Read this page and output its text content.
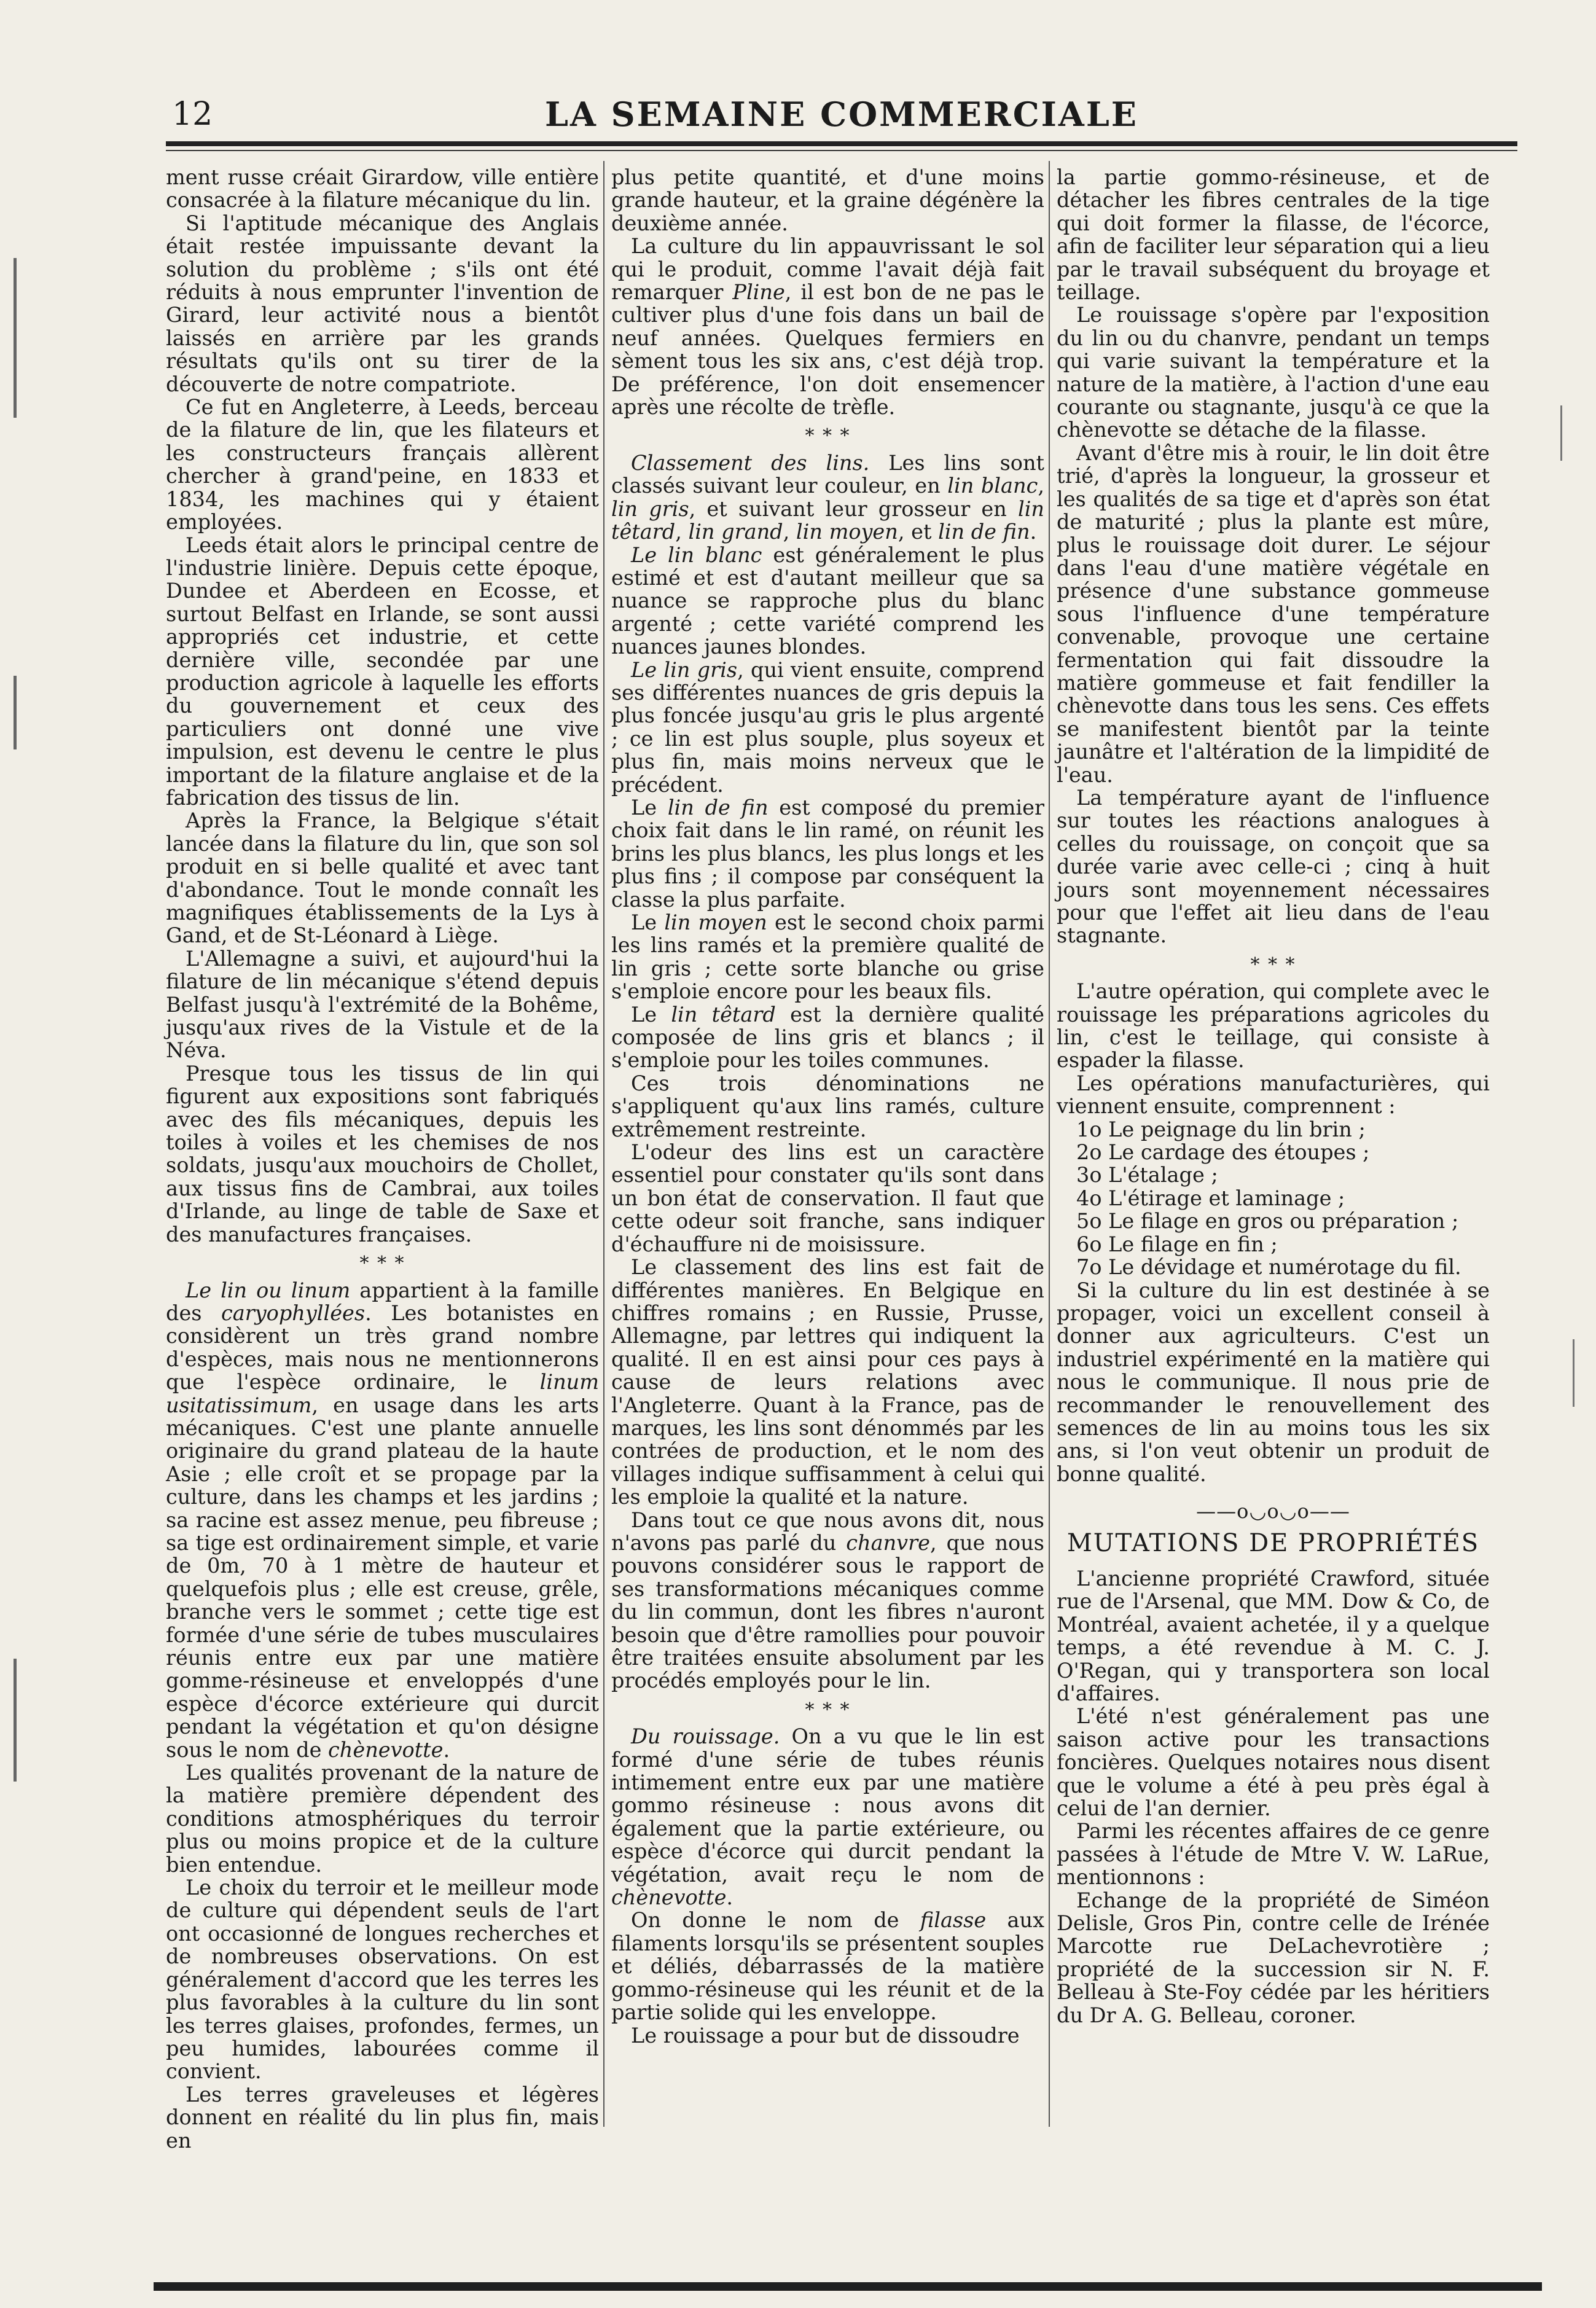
12	LA SEMAINE COMMERCIALE

ment russe créait Girardow, ville entière consacrée à la filature mécanique du lin.

Si l'aptitude mécanique des Anglais était restée impuissante devant la solution du problème ; s'ils ont été réduits à nous emprunter l'invention de Girard, leur activité nous a bientôt laissés en arrière par les grands résultats qu'ils ont su tirer de la découverte de notre compatriote.

Ce fut en Angleterre, à Leeds, berceau de la filature de lin, que les filateurs et les constructeurs français allèrent chercher à grand'peine, en 1833 et 1834, les machines qui y étaient employées.

Leeds était alors le principal centre de l'industrie linière. Depuis cette époque, Dundee et Aberdeen en Ecosse, et surtout Belfast en Irlande, se sont aussi appropriés cet industrie, et cette dernière ville, secondée par une production agricole à laquelle les efforts du gouvernement et ceux des particuliers ont donné une vive impulsion, est devenu le centre le plus important de la filature anglaise et de la fabrication des tissus de lin.

Après la France, la Belgique s'était lancée dans la filature du lin, que son sol produit en si belle qualité et avec tant d'abondance. Tout le monde connaît les magnifiques établissements de la Lys à Gand, et de St-Léonard à Liège.

L'Allemagne a suivi, et aujourd'hui la filature de lin mécanique s'étend depuis Belfast jusqu'à l'extrémité de la Bohême, jusqu'aux rives de la Vistule et de la Néva.

Presque tous les tissus de lin qui figurent aux expositions sont fabriqués avec des fils mécaniques, depuis les toiles à voiles et les chemises de nos soldats, jusqu'aux mouchoirs de Chollet, aux tissus fins de Cambrai, aux toiles d'Irlande, au linge de table de Saxe et des manufactures françaises.

* * *

Le lin ou linum appartient à la famille des caryophyllées. Les botanistes en considèrent un très grand nombre d'espèces, mais nous ne mentionnerons que l'espèce ordinaire, le linum usitatissimum, en usage dans les arts mécaniques. C'est une plante annuelle originaire du grand plateau de la haute Asie ; elle croît et se propage par la culture, dans les champs et les jardins ; sa racine est assez menue, peu fibreuse ; sa tige est ordinairement simple, et varie de 0m, 70 à 1 mètre de hauteur et quelquefois plus ; elle est creuse, grêle, branche vers le sommet ; cette tige est formée d'une série de tubes musculaires réunis entre eux par une matière gomme-résineuse et enveloppés d'une espèce d'écorce extérieure qui durcit pendant la végétation et qu'on désigne sous le nom de chènevotte.

Les qualités provenant de la nature de la matière première dépendent des conditions atmosphériques du terroir plus ou moins propice et de la culture bien entendue.

Le choix du terroir et le meilleur mode de culture qui dépendent seuls de l'art ont occasionné de longues recherches et de nombreuses observations. On est généralement d'accord que les terres les plus favorables à la culture du lin sont les terres glaises, profondes, fermes, un peu humides, labourées comme il convient.

Les terres graveleuses et légères donnent en réalité du lin plus fin, mais en

plus petite quantité, et d'une moins grande hauteur, et la graine dégénère la deuxième année.

La culture du lin appauvrissant le sol qui le produit, comme l'avait déjà fait remarquer Pline, il est bon de ne pas le cultiver plus d'une fois dans un bail de neuf années. Quelques fermiers en sèment tous les six ans, c'est déjà trop. De préférence, l'on doit ensemencer après une récolte de trèfle.

* * *

Classement des lins. Les lins sont classés suivant leur couleur, en lin blanc, lin gris, et suivant leur grosseur en lin têtard, lin grand, lin moyen, et lin de fin.

Le lin blanc est généralement le plus estimé et est d'autant meilleur que sa nuance se rapproche plus du blanc argenté ; cette variété comprend les nuances jaunes blondes.

Le lin gris, qui vient ensuite, comprend ses différentes nuances de gris depuis la plus foncée jusqu'au gris le plus argenté ; ce lin est plus souple, plus soyeux et plus fin, mais moins nerveux que le précédent.

Le lin de fin est composé du premier choix fait dans le lin ramé, on réunit les brins les plus blancs, les plus longs et les plus fins ; il compose par conséquent la classe la plus parfaite.

Le lin moyen est le second choix parmi les lins ramés et la première qualité de lin gris ; cette sorte blanche ou grise s'emploie encore pour les beaux fils.

Le lin têtard est la dernière qualité composée de lins gris et blancs ; il s'emploie pour les toiles communes.

Ces trois dénominations ne s'appliquent qu'aux lins ramés, culture extrêmement restreinte.

L'odeur des lins est un caractère essentiel pour constater qu'ils sont dans un bon état de conservation. Il faut que cette odeur soit franche, sans indiquer d'échauffure ni de moisissure.

Le classement des lins est fait de différentes manières. En Belgique en chiffres romains ; en Russie, Prusse, Allemagne, par lettres qui indiquent la qualité. Il en est ainsi pour ces pays à cause de leurs relations avec l'Angleterre. Quant à la France, pas de marques, les lins sont dénommés par les contrées de production, et le nom des villages indique suffisamment à celui qui les emploie la qualité et la nature.

Dans tout ce que nous avons dit, nous n'avons pas parlé du chanvre, que nous pouvons considérer sous le rapport de ses transformations mécaniques comme du lin commun, dont les fibres n'auront besoin que d'être ramollies pour pouvoir être traitées ensuite absolument par les procédés employés pour le lin.

* * *

Du rouissage. On a vu que le lin est formé d'une série de tubes réunis intimement entre eux par une matière gommo résineuse : nous avons dit également que la partie extérieure, ou espèce d'écorce qui durcit pendant la végétation, avait reçu le nom de chènevotte.

On donne le nom de filasse aux filaments lorsqu'ils se présentent souples et déliés, débarrassés de la matière gommo-résineuse qui les réunit et de la partie solide qui les enveloppe.

Le rouissage a pour but de dissoudre

la partie gommo-résineuse, et de détacher les fibres centrales de la tige qui doit former la filasse, de l'écorce, afin de faciliter leur séparation qui a lieu par le travail subséquent du broyage et teillage.

Le rouissage s'opère par l'exposition du lin ou du chanvre, pendant un temps qui varie suivant la température et la nature de la matière, à l'action d'une eau courante ou stagnante, jusqu'à ce que la chènevotte se détache de la filasse.

Avant d'être mis à rouir, le lin doit être trié, d'après la longueur, la grosseur et les qualités de sa tige et d'après son état de maturité ; plus la plante est mûre, plus le rouissage doit durer. Le séjour dans l'eau d'une matière végétale en présence d'une substance gommeuse sous l'influence d'une température convenable, provoque une certaine fermentation qui fait dissoudre la matière gommeuse et fait fendiller la chènevotte dans tous les sens. Ces effets se manifestent bientôt par la teinte jaunâtre et l'altération de la limpidité de l'eau.

La température ayant de l'influence sur toutes les réactions analogues à celles du rouissage, on conçoit que sa durée varie avec celle-ci ; cinq à huit jours sont moyennement nécessaires pour que l'effet ait lieu dans de l'eau stagnante.

* * *

L'autre opération, qui complete avec le rouissage les préparations agricoles du lin, c'est le teillage, qui consiste à espader la filasse.

Les opérations manufacturières, qui viennent ensuite, comprennent :

1o Le peignage du lin brin ;
2o Le cardage des étoupes ;
3o L'étalage ;
4o L'étirage et laminage ;
5o Le filage en gros ou préparation ;
6o Le filage en fin ;
7o Le dévidage et numérotage du fil.

Si la culture du lin est destinée à se propager, voici un excellent conseil à donner aux agriculteurs. C'est un industriel expérimenté en la matière qui nous le communique. Il nous prie de recommander le renouvellement des semences de lin au moins tous les six ans, si l'on veut obtenir un produit de bonne qualité.

——o◡o◡o——
MUTATIONS DE PROPRIÉTÉS

L'ancienne propriété Crawford, située rue de l'Arsenal, que MM. Dow & Co, de Montréal, avaient achetée, il y a quelque temps, a été revendue à M. C. J. O'Regan, qui y transportera son local d'affaires.

L'été n'est généralement pas une saison active pour les transactions foncières. Quelques notaires nous disent que le volume a été à peu près égal à celui de l'an dernier.

Parmi les récentes affaires de ce genre passées à l'étude de Mtre V. W. LaRue, mentionnons :

Echange de la propriété de Siméon Delisle, Gros Pin, contre celle de Irénée Marcotte rue DeLachevrotière ; propriété de la succession sir N. F. Belleau à Ste-Foy cédée par les héritiers du Dr A. G. Belleau, coroner.
